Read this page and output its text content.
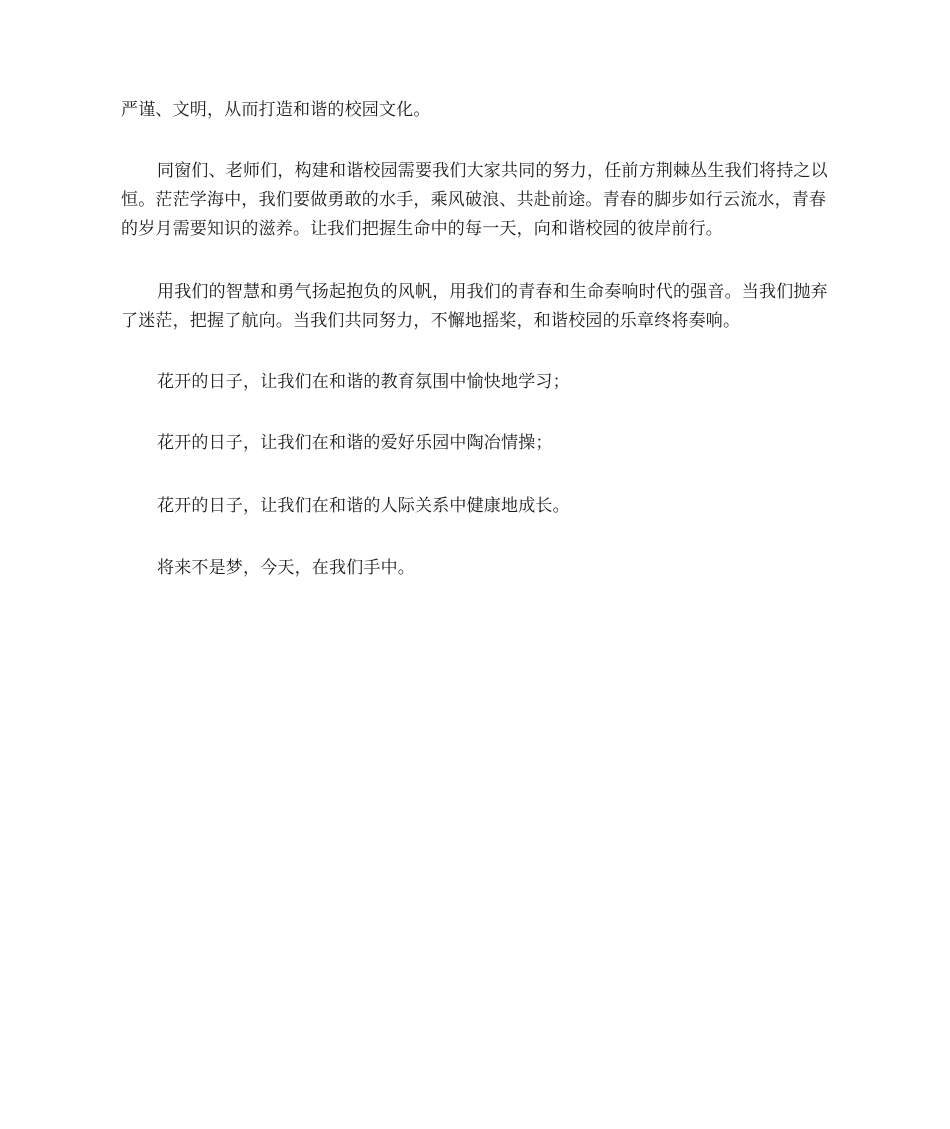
严谨、文明，从而打造和谐的校园文化。

同窗们、老师们，构建和谐校园需要我们大家共同的努力，任前方荆棘丛生我们将持之以恒。茫茫学海中，我们要做勇敢的水手，乘风破浪、共赴前途。青春的脚步如行云流水，青春的岁月需要知识的滋养。让我们把握生命中的每一天，向和谐校园的彼岸前行。

用我们的智慧和勇气扬起抱负的风帆，用我们的青春和生命奏响时代的强音。当我们抛弃了迷茫，把握了航向。当我们共同努力，不懈地摇桨，和谐校园的乐章终将奏响。

花开的日子，让我们在和谐的教育氛围中愉快地学习；

花开的日子，让我们在和谐的爱好乐园中陶冶情操；

花开的日子，让我们在和谐的人际关系中健康地成长。

将来不是梦，今天，在我们手中。
